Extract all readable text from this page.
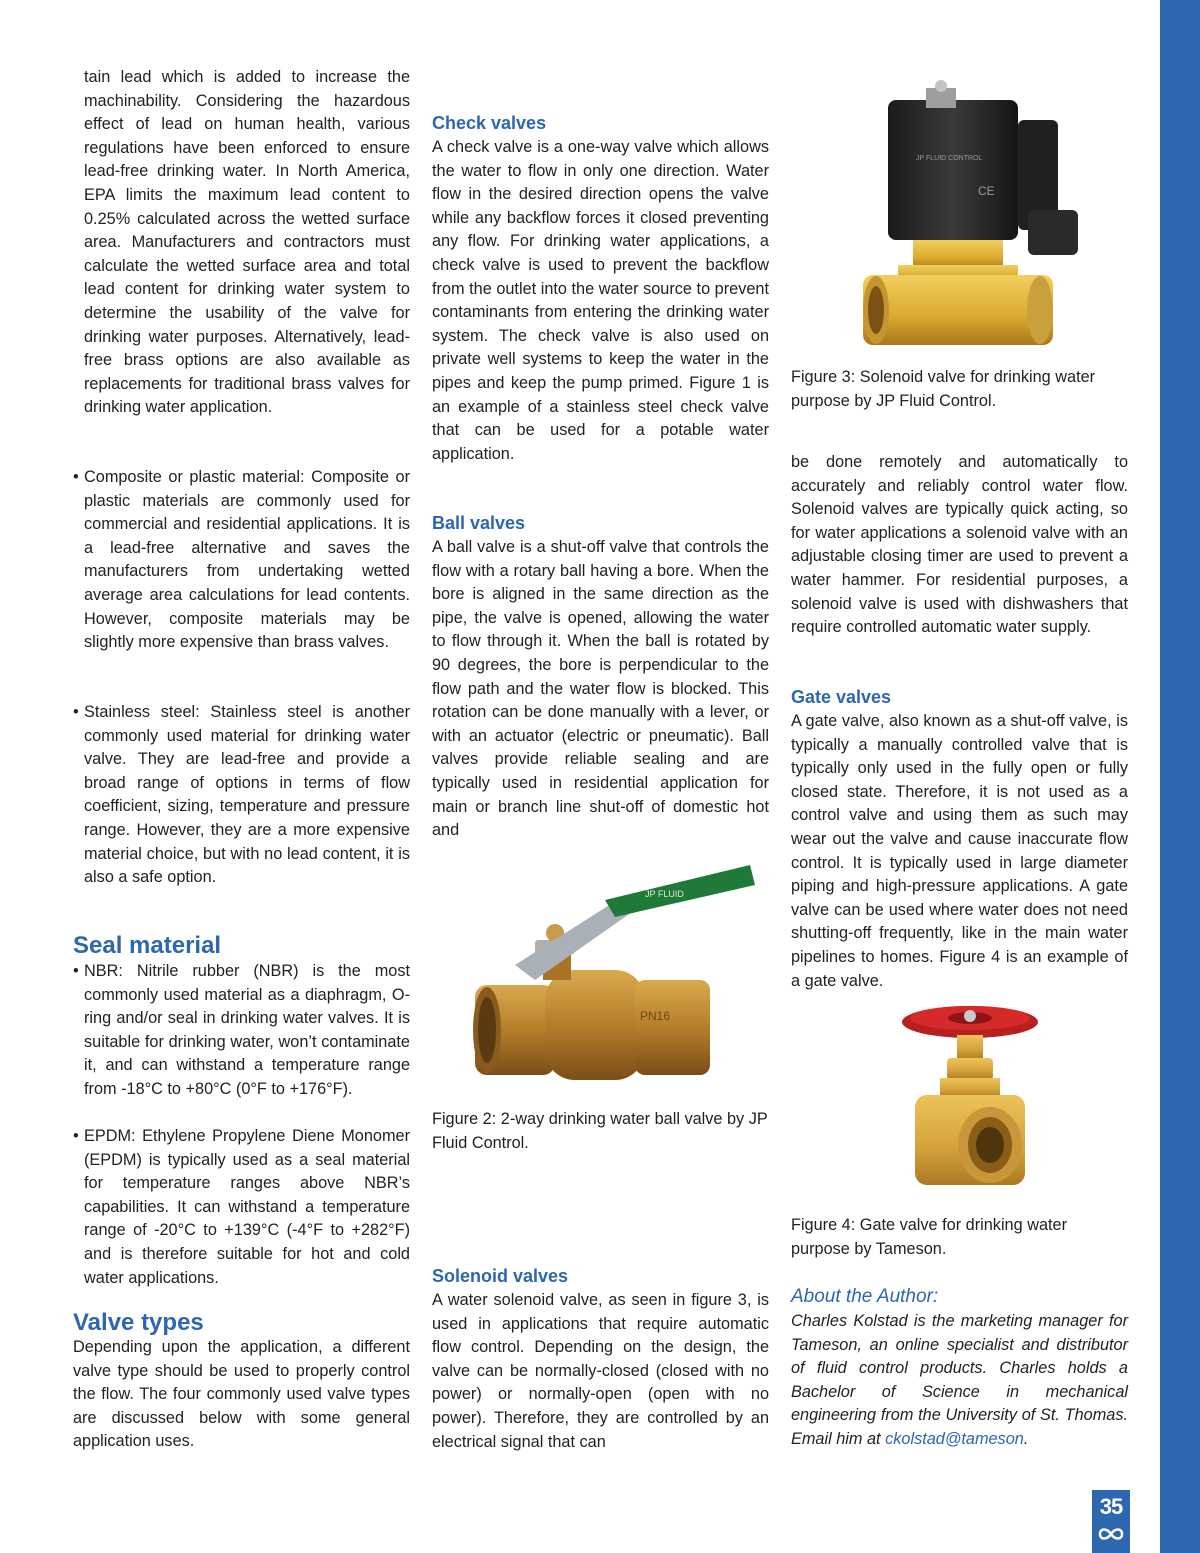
tain lead which is added to increase the machinability. Considering the hazardous effect of lead on human health, various regulations have been enforced to ensure lead-free drinking water. In North America, EPA limits the maximum lead content to 0.25% calculated across the wetted surface area. Manufacturers and contractors must calculate the wetted surface area and total lead content for drinking water system to determine the usability of the valve for drinking water purposes. Alternatively, lead-free brass options are also available as replacements for traditional brass valves for drinking water application.

• Composite or plastic material: Composite or plastic materials are commonly used for commercial and residential applications. It is a lead-free alternative and saves the manufacturers from undertaking wetted average area calculations for lead contents. However, composite materials may be slightly more expensive than brass valves.

• Stainless steel: Stainless steel is another commonly used material for drinking water valve. They are lead-free and provide a broad range of options in terms of flow coefficient, sizing, temperature and pressure range. However, they are a more expensive material choice, but with no lead content, it is also a safe option.

Seal material

• NBR: Nitrile rubber (NBR) is the most commonly used material as a diaphragm, O-ring and/or seal in drinking water valves. It is suitable for drinking water, won’t contaminate it, and can withstand a temperature range from -18°C to +80°C (0°F to +176°F).

• EPDM: Ethylene Propylene Diene Monomer (EPDM) is typically used as a seal material for temperature ranges above NBR’s capabilities. It can withstand a temperature range of -20°C to +139°C (-4°F to +282°F) and is therefore suitable for hot and cold water applications.

Valve types

Depending upon the application, a different valve type should be used to properly control the flow. The four commonly used valve types are discussed below with some general application uses.

Check valves

A check valve is a one-way valve which allows the water to flow in only one direction. Water flow in the desired direction opens the valve while any backflow forces it closed preventing any flow. For drinking water applications, a check valve is used to prevent the backflow from the outlet into the water source to prevent contaminants from entering the drinking water system. The check valve is also used on private well systems to keep the water in the pipes and keep the pump primed. Figure 1 is an example of a stainless steel check valve that can be used for a potable water application.

Ball valves

A ball valve is a shut-off valve that controls the flow with a rotary ball having a bore. When the bore is aligned in the same direction as the pipe, the valve is opened, allowing the water to flow through it. When the ball is rotated by 90 degrees, the bore is perpendicular to the flow path and the water flow is blocked. This rotation can be done manually with a lever, or with an actuator (electric or pneumatic). Ball valves provide reliable sealing and are typically used in residential application for main or branch line shut-off of domestic hot and

Figure 2: 2-way drinking water ball valve by JP Fluid Control.

Solenoid valves

A water solenoid valve, as seen in figure 3, is used in applications that require automatic flow control. Depending on the design, the valve can be normally-closed (closed with no power) or normally-open (open with no power). Therefore, they are controlled by an electrical signal that can

Figure 3: Solenoid valve for drinking water purpose by JP Fluid Control.

be done remotely and automatically to accurately and reliably control water flow. Solenoid valves are typically quick acting, so for water applications a solenoid valve with an adjustable closing timer are used to prevent a water hammer. For residential purposes, a solenoid valve is used with dishwashers that require controlled automatic water supply.

Gate valves

A gate valve, also known as a shut-off valve, is typically a manually controlled valve that is typically only used in the fully open or fully closed state. Therefore, it is not used as a control valve and using them as such may wear out the valve and cause inaccurate flow control. It is typically used in large diameter piping and high-pressure applications. A gate valve can be used where water does not need shutting-off frequently, like in the main water pipelines to homes. Figure 4 is an example of a gate valve.

Figure 4: Gate valve for drinking water purpose by Tameson.

About the Author:

Charles Kolstad is the marketing manager for Tameson, an online specialist and distributor of fluid control products. Charles holds a Bachelor of Science in mechanical engineering from the University of St. Thomas. Email him at ckolstad@tameson.

PN16
JP FLUID
JP FLUID CONTROL
CE
35
